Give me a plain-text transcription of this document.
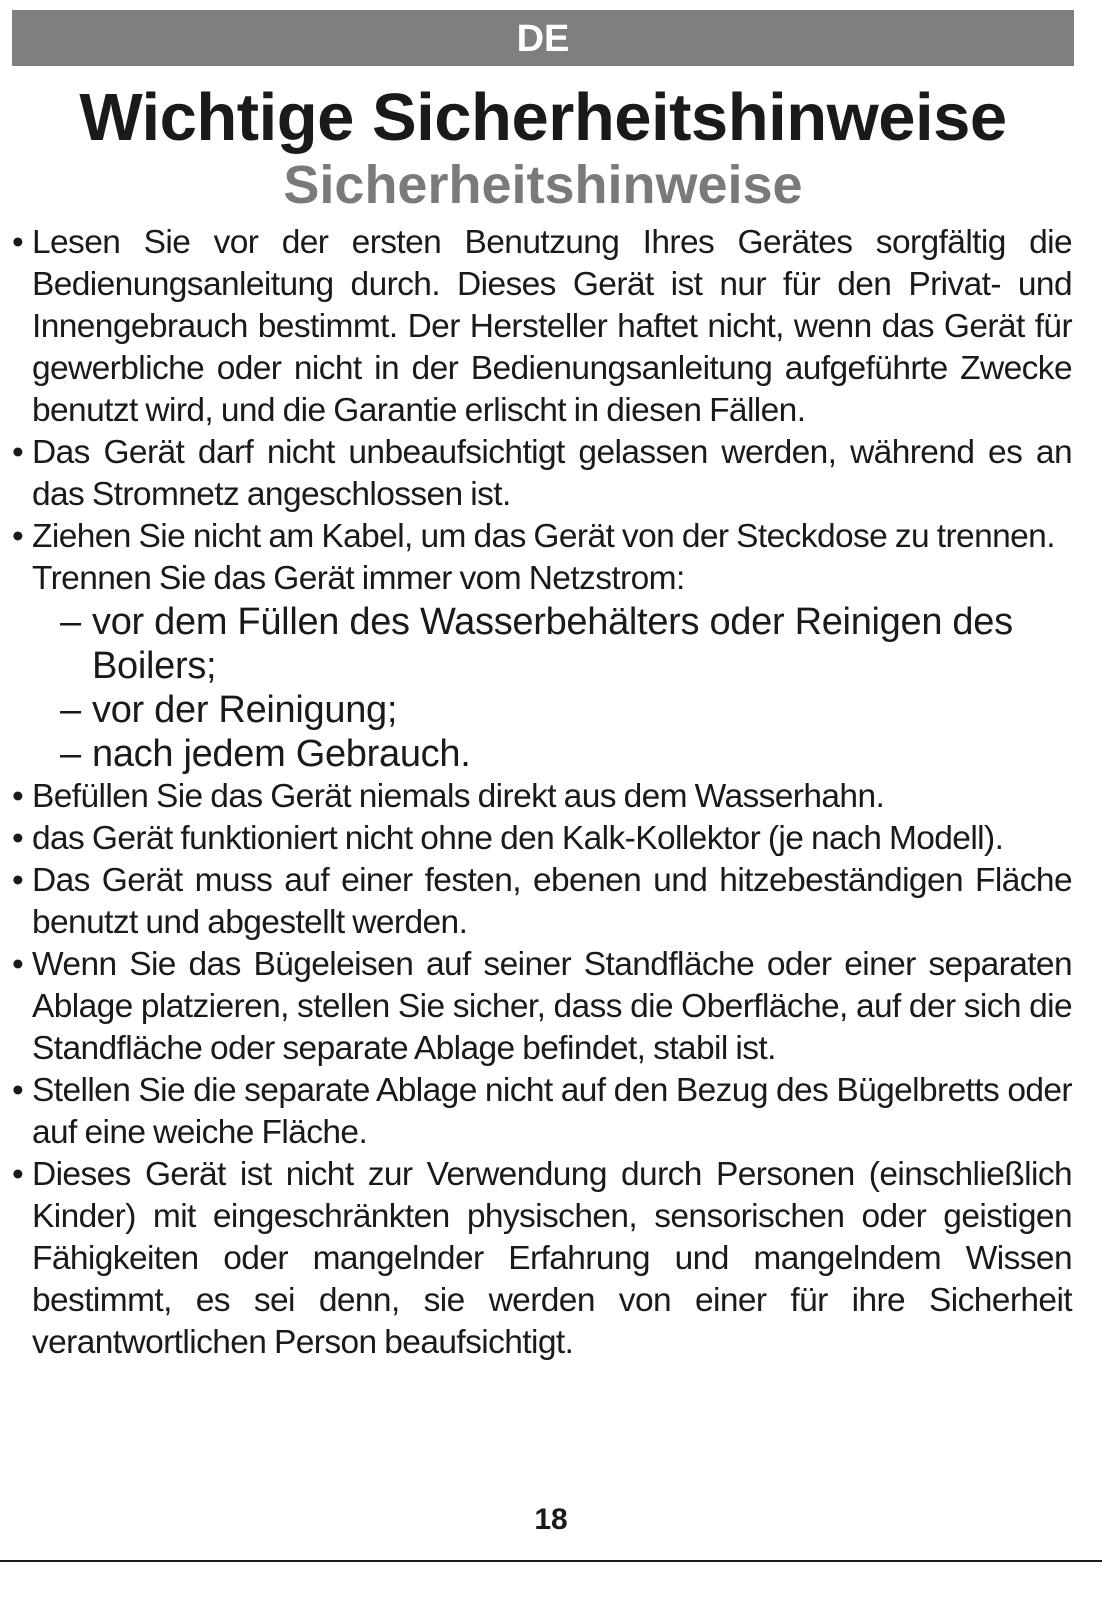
DE
Wichtige Sicherheitshinweise
Sicherheitshinweise
• Lesen Sie vor der ersten Benutzung Ihres Gerätes sorgfältig die Bedienungsanleitung durch. Dieses Gerät ist nur für den Privat- und Innengebrauch bestimmt. Der Hersteller haftet nicht, wenn das Gerät für gewerbliche oder nicht in der Bedienungsanleitung aufgeführte Zwecke benutzt wird, und die Garantie erlischt in diesen Fällen.
• Das Gerät darf nicht unbeaufsichtigt gelassen werden, während es an das Stromnetz angeschlossen ist.
• Ziehen Sie nicht am Kabel, um das Gerät von der Steckdose zu trennen.
Trennen Sie das Gerät immer vom Netzstrom:
– vor dem Füllen des Wasserbehälters oder Reinigen des Boilers;
– vor der Reinigung;
– nach jedem Gebrauch.
• Befüllen Sie das Gerät niemals direkt aus dem Wasserhahn.
• das Gerät funktioniert nicht ohne den Kalk-Kollektor (je nach Modell).
• Das Gerät muss auf einer festen, ebenen und hitzebeständigen Fläche benutzt und abgestellt werden.
• Wenn Sie das Bügeleisen auf seiner Standfläche oder einer separaten Ablage platzieren, stellen Sie sicher, dass die Oberfläche, auf der sich die Standfläche oder separate Ablage befindet, stabil ist.
• Stellen Sie die separate Ablage nicht auf den Bezug des Bügelbretts oder auf eine weiche Fläche.
• Dieses Gerät ist nicht zur Verwendung durch Personen (einschließlich Kinder) mit eingeschränkten physischen, sensorischen oder geistigen Fähigkeiten oder mangelnder Erfahrung und mangelndem Wissen bestimmt, es sei denn, sie werden von einer für ihre Sicherheit verantwortlichen Person beaufsichtigt.
18
